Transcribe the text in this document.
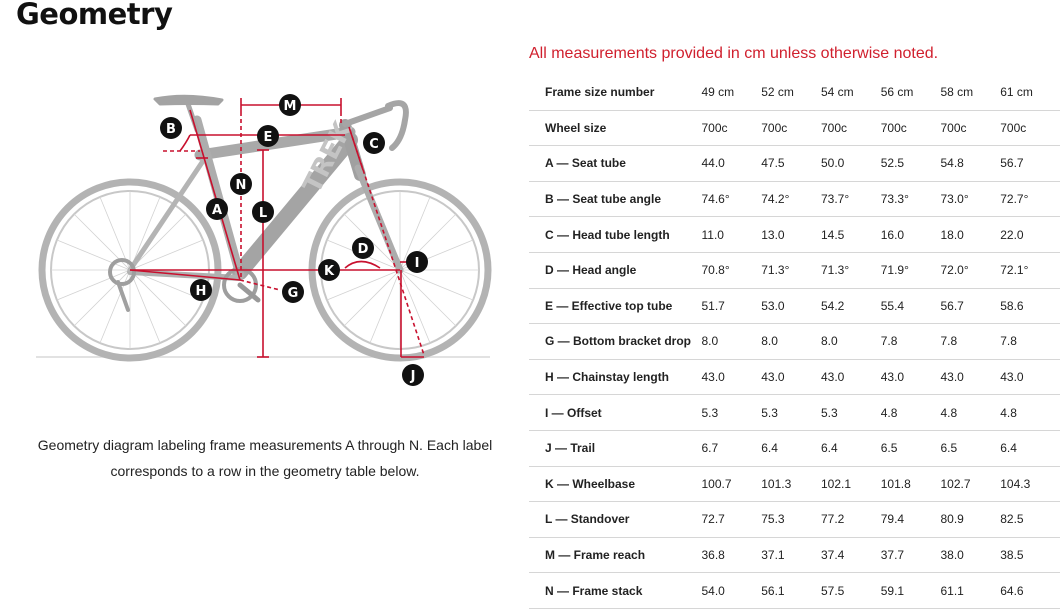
Geometry
TREK
A
B
C
D
E
G
H
I
J
K
L
M
N

Geometry diagram labeling frame measurements A through N. Each label corresponds to a row in the geometry table below.

All measurements provided in cm unless otherwise noted.
Frame size number	49 cm	52 cm	54 cm	56 cm	58 cm	61 cm
Wheel size	700c	700c	700c	700c	700c	700c
A — Seat tube	44.0	47.5	50.0	52.5	54.8	56.7
B — Seat tube angle	74.6°	74.2°	73.7°	73.3°	73.0°	72.7°
C — Head tube length	11.0	13.0	14.5	16.0	18.0	22.0
D — Head angle	70.8°	71.3°	71.3°	71.9°	72.0°	72.1°
E — Effective top tube	51.7	53.0	54.2	55.4	56.7	58.6
G — Bottom bracket drop	8.0	8.0	8.0	7.8	7.8	7.8
H — Chainstay length	43.0	43.0	43.0	43.0	43.0	43.0
I — Offset	5.3	5.3	5.3	4.8	4.8	4.8
J — Trail	6.7	6.4	6.4	6.5	6.5	6.4
K — Wheelbase	100.7	101.3	102.1	101.8	102.7	104.3
L — Standover	72.7	75.3	77.2	79.4	80.9	82.5
M — Frame reach	36.8	37.1	37.4	37.7	38.0	38.5
N — Frame stack	54.0	56.1	57.5	59.1	61.1	64.6
